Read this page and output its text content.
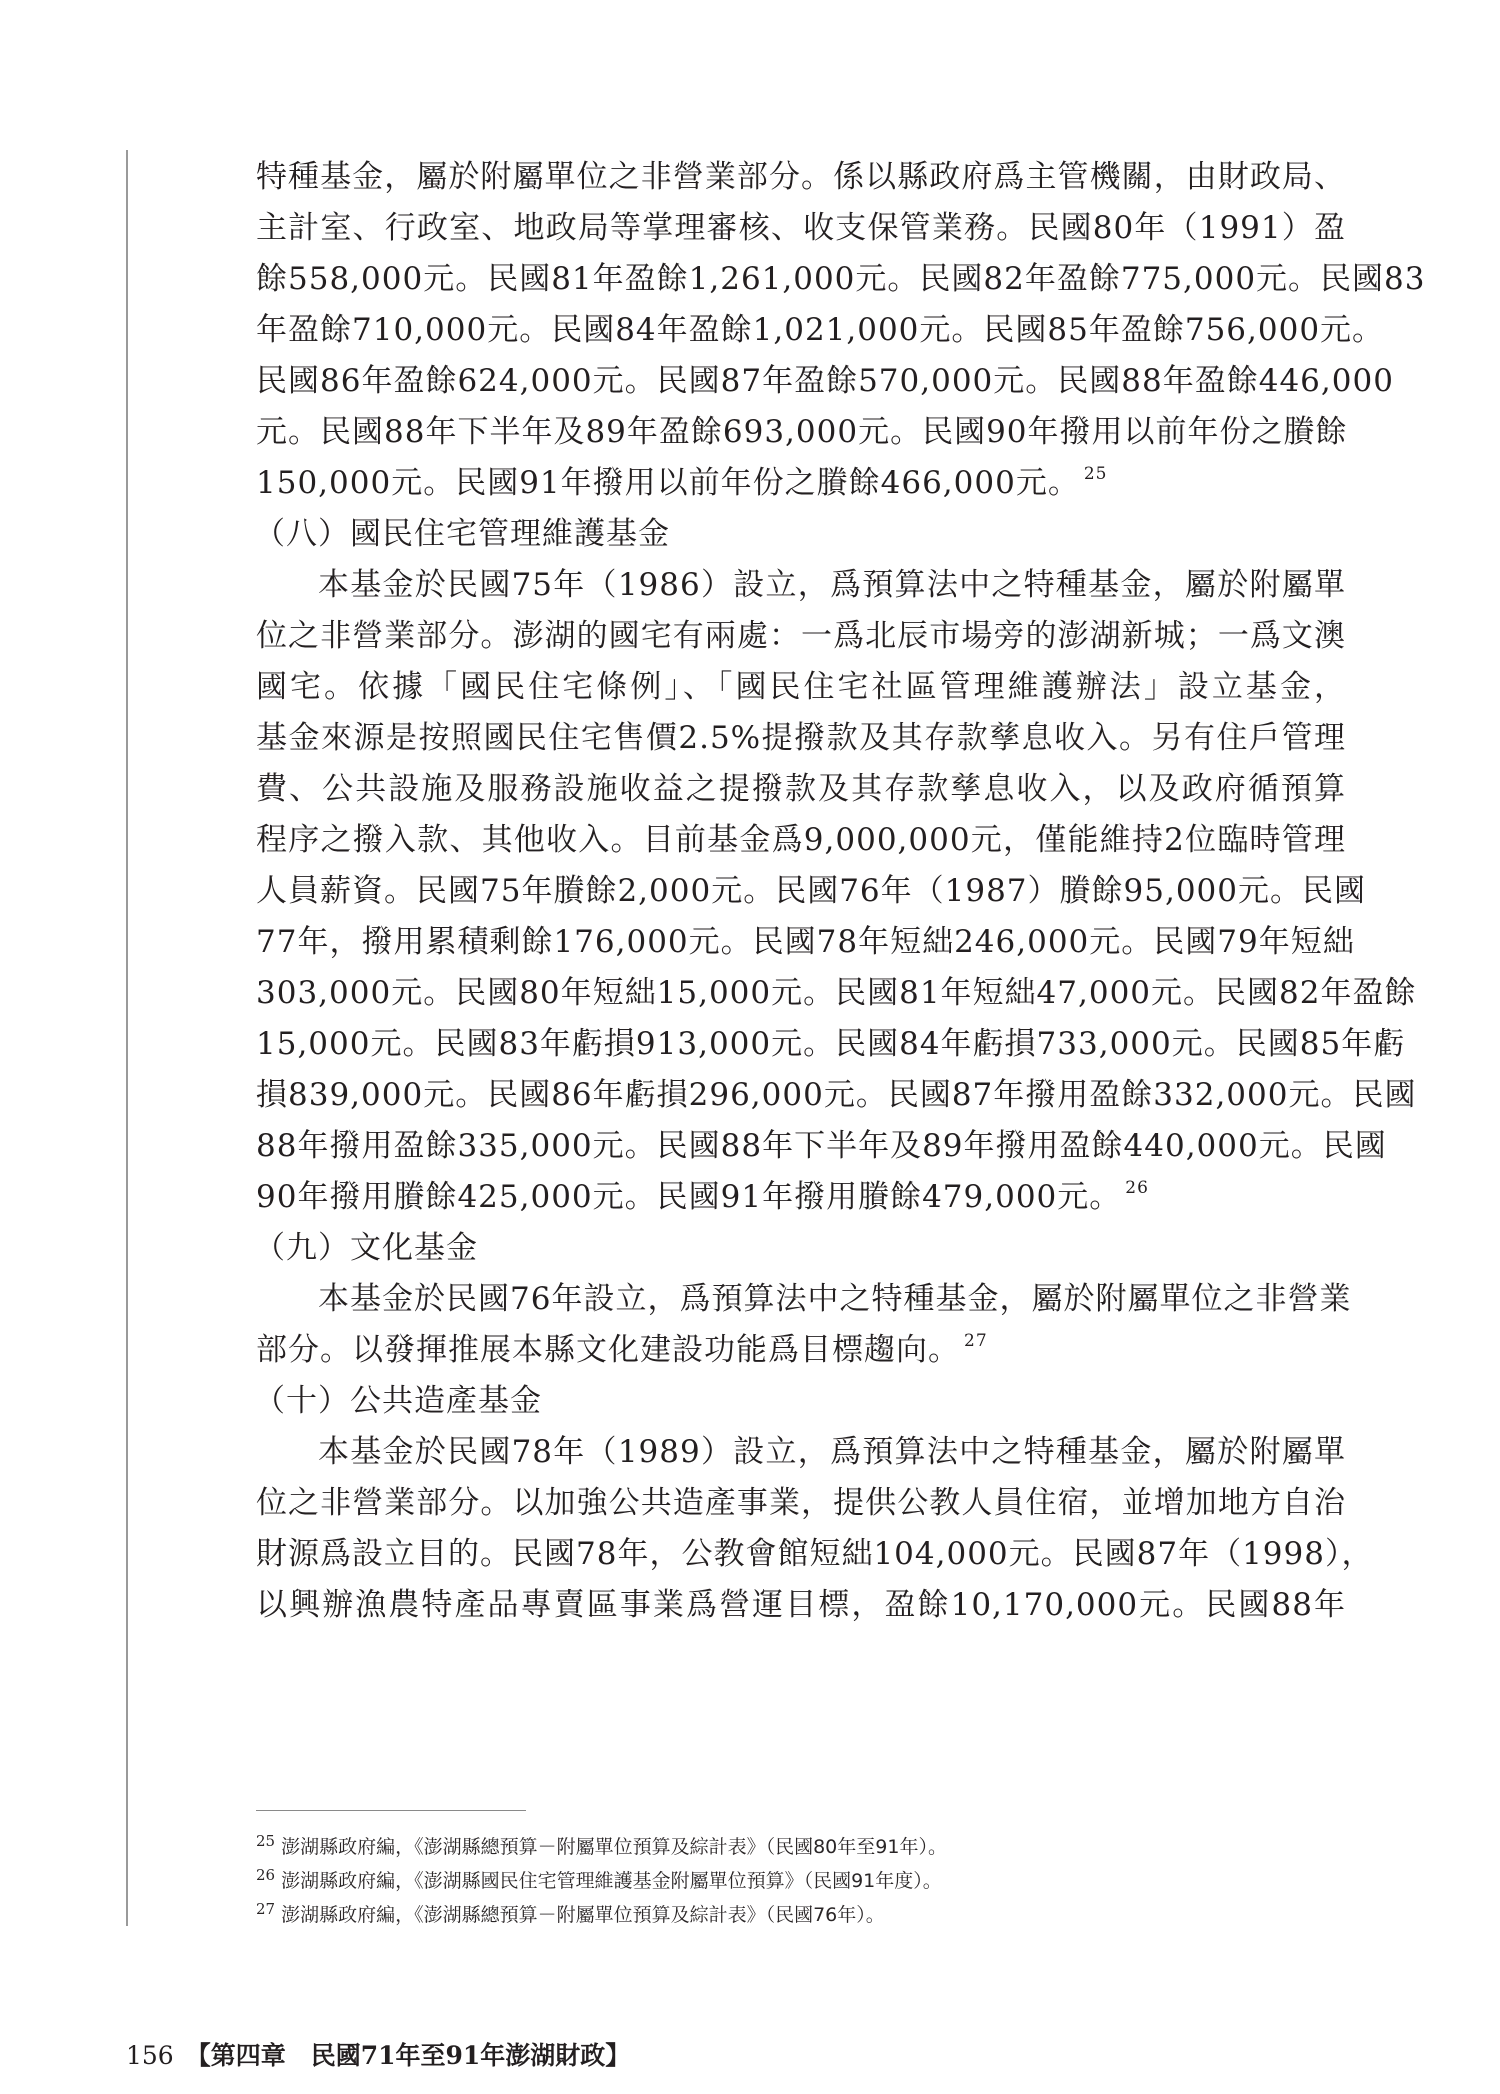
特種基金，屬於附屬單位之非營業部分。係以縣政府爲主管機關，由財政局、
主計室、行政室、地政局等掌理審核、收支保管業務。民國80年（1991）盈
餘558,000元。民國81年盈餘1,261,000元。民國82年盈餘775,000元。民國83
年盈餘710,000元。民國84年盈餘1,021,000元。民國85年盈餘756,000元。
民國86年盈餘624,000元。民國87年盈餘570,000元。民國88年盈餘446,000
元。民國88年下半年及89年盈餘693,000元。民國90年撥用以前年份之賸餘
150,000元。民國91年撥用以前年份之賸餘466,000元。 $^{25}$
（八）國民住宅管理維護基金
本基金於民國75年（1986）設立，爲預算法中之特種基金，屬於附屬單
位之非營業部分。澎湖的國宅有兩處：一爲北辰市場旁的澎湖新城；一爲文澳
國宅。依據「國民住宅條例」、「國民住宅社區管理維護辦法」設立基金，
基金來源是按照國民住宅售價2.5%提撥款及其存款孳息收入。另有住戶管理
費、公共設施及服務設施收益之提撥款及其存款孳息收入，以及政府循預算
程序之撥入款、其他收入。目前基金爲9,000,000元，僅能維持2位臨時管理
人員薪資。民國75年賸餘2,000元。民國76年（1987）賸餘95,000元。民國
77年，撥用累積剩餘176,000元。民國78年短絀246,000元。民國79年短絀
303,000元。民國80年短絀15,000元。民國81年短絀47,000元。民國82年盈餘
15,000元。民國83年虧損913,000元。民國84年虧損733,000元。民國85年虧
損839,000元。民國86年虧損296,000元。民國87年撥用盈餘332,000元。民國
88年撥用盈餘335,000元。民國88年下半年及89年撥用盈餘440,000元。民國
90年撥用賸餘425,000元。民國91年撥用賸餘479,000元。 $^{26}$
（九）文化基金
本基金於民國76年設立，爲預算法中之特種基金，屬於附屬單位之非營業
部分。以發揮推展本縣文化建設功能爲目標趨向。 $^{27}$
（十）公共造產基金
本基金於民國78年（1989）設立，爲預算法中之特種基金，屬於附屬單
位之非營業部分。以加強公共造產事業，提供公教人員住宿，並增加地方自治
財源爲設立目的。民國78年，公教會館短絀104,000元。民國87年（1998），
以興辦漁農特產品專賣區事業爲營運目標，盈餘10,170,000元。民國88年
$^{25}$ 澎湖縣政府編，《澎湖縣總預算－附屬單位預算及綜計表》（民國80年至91年）。
$^{26}$ 澎湖縣政府編，《澎湖縣國民住宅管理維護基金附屬單位預算》（民國91年度）。
$^{27}$ 澎湖縣政府編，《澎湖縣總預算－附屬單位預算及綜計表》（民國76年）。
156 【第四章　民國71年至91年澎湖財政】
